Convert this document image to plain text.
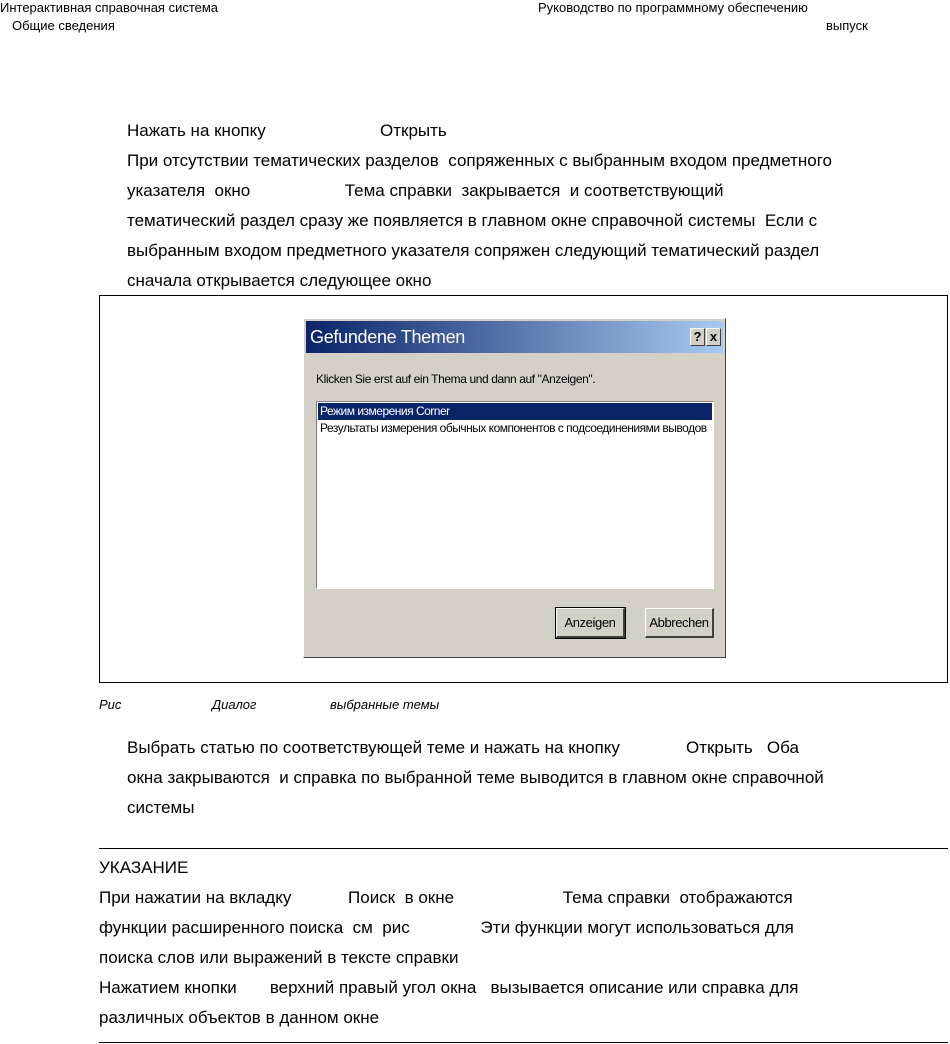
Интерактивная справочная система
Общие сведения
Руководство по программному обеспечению
выпуск
Нажать на кнопку	Открыть
При отсутствии тематических разделов  сопряженных с выбранным входом предметного
указателя  окно                    Тема справки  закрывается  и соответствующий
тематический раздел сразу же появляется в главном окне справочной системы  Если с
выбранным входом предметного указателя сопряжен следующий тематический раздел
сначала открывается следующее окно
Gefundene Themen	? x
Klicken Sie erst auf ein Thema und dann auf "Anzeigen".
Режим измерения Corner
Результаты измерения обычных компонентов с подсоединениями выводов
Anzeigen	Abbrechen
Рис	Диалог	выбранные темы
Выбрать статью по соответствующей теме и нажать на кнопку              Открыть   Оба
окна закрываются  и справка по выбранной теме выводится в главном окне справочной
системы
УКАЗАНИЕ
При нажатии на вкладку            Поиск  в окне                       Тема справки  отображаются
функции расширенного поиска  см  рис               Эти функции могут использоваться для
поиска слов или выражений в тексте справки
Нажатием кнопки       верхний правый угол окна   вызывается описание или справка для
различных объектов в данном окне
